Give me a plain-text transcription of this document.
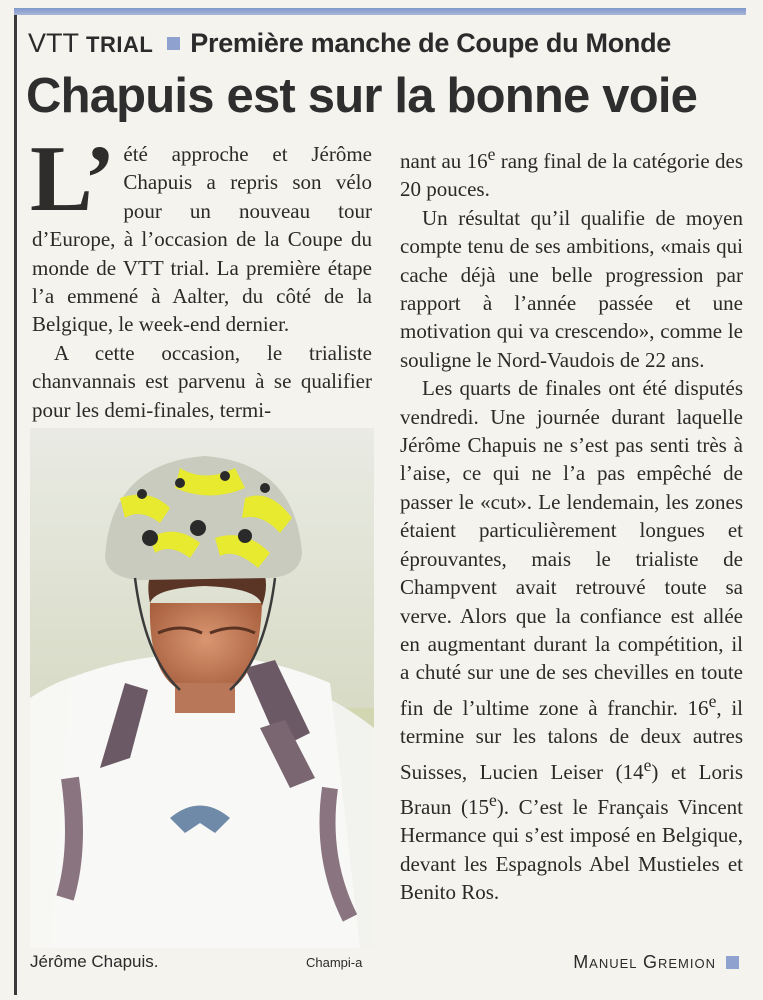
VTT TRIAL Première manche de Coupe du Monde
Chapuis est sur la bonne voie

L’ été approche et Jérôme Chapuis a repris son vélo pour un nouveau tour d’Europe, à l’occasion de la Coupe du monde de VTT trial. La première étape l’a emmené à Aalter, du côté de la Belgique, le week-end dernier.

A cette occasion, le trialiste chanvannais est parvenu à se qualifier pour les demi-finales, termi-

Jérôme Chapuis.	Champi-a

nant au 16e rang final de la catégorie des 20 pouces.

Un résultat qu’il qualifie de moyen compte tenu de ses ambitions, «mais qui cache déjà une belle progression par rapport à l’année passée et une motivation qui va crescendo», comme le souligne le Nord-Vaudois de 22 ans.

Les quarts de finales ont été disputés vendredi. Une journée durant laquelle Jérôme Chapuis ne s’est pas senti très à l’aise, ce qui ne l’a pas empêché de passer le «cut». Le lendemain, les zones étaient particulièrement longues et éprouvantes, mais le trialiste de Champvent avait retrouvé toute sa verve. Alors que la confiance est allée en augmentant durant la compétition, il a chuté sur une de ses chevilles en toute fin de l’ultime zone à franchir. 16e, il termine sur les talons de deux autres Suisses, Lucien Leiser (14e) et Loris Braun (15e). C’est le Français Vincent Hermance qui s’est imposé en Belgique, devant les Espagnols Abel Mustieles et Benito Ros.

Manuel Gremion
